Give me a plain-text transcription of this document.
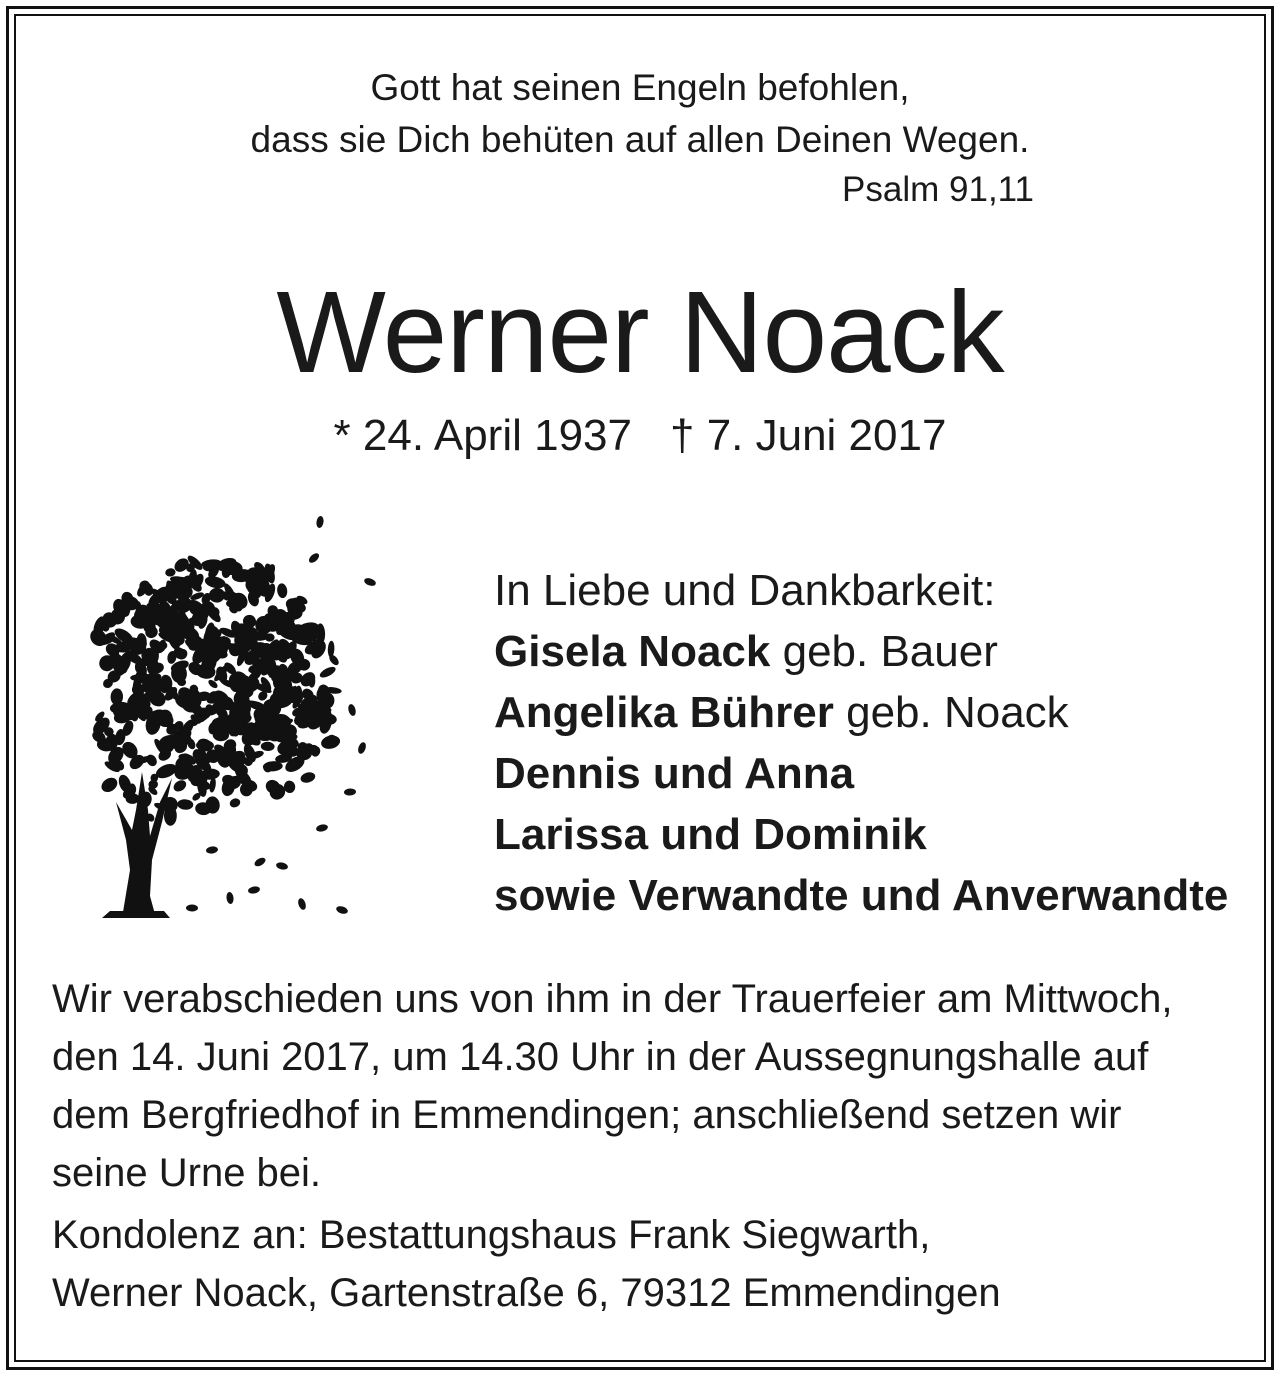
Gott hat seinen Engeln befohlen,
dass sie Dich behüten auf allen Deinen Wegen.
Psalm 91,11
Werner Noack
* 24. April 1937 † 7. Juni 2017
In Liebe und Dankbarkeit:
Gisela Noack geb. Bauer
Angelika Bührer geb. Noack
Dennis und Anna
Larissa und Dominik
sowie Verwandte und Anverwandte
Wir verabschieden uns von ihm in der Trauerfeier am Mittwoch,
den 14. Juni 2017, um 14.30 Uhr in der Aussegnungshalle auf
dem Bergfriedhof in Emmendingen; anschließend setzen wir
seine Urne bei.
Kondolenz an: Bestattungshaus Frank Siegwarth,
Werner Noack, Gartenstraße 6, 79312 Emmendingen
